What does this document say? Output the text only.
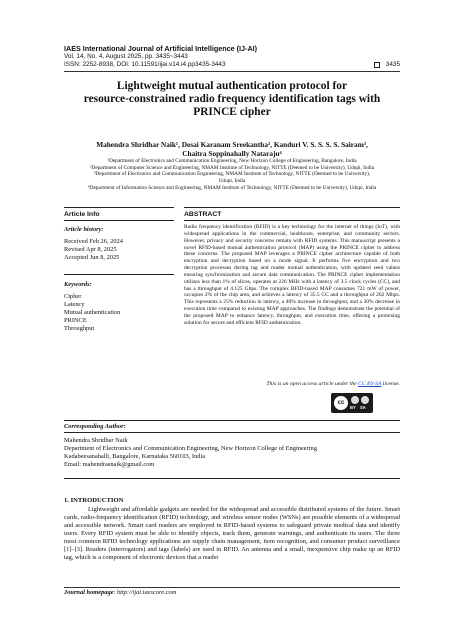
IAES International Journal of Artificial Intelligence (IJ-AI)
Vol. 14, No. 4, August 2025, pp. 3435~3443
ISSN: 2252-8938, DOI: 10.11591/ijai.v14.i4.pp3435-3443	3435
Lightweight mutual authentication protocol for
resource-constrained radio frequency identification tags with
PRINCE cipher
Mahendra Shridhar Naik¹, Desai Karanam Sreekantha², Kanduri V. S. S. S. S. Sairam³,
Chaitra Soppinahally Nataraju⁴
¹Department of Electronics and Communication Engineering, New Horizon College of Engineering, Bangalore, India
²Department of Computer Science and Engineering, NMAM Institute of Technology, NITTE (Deemed to be University), Udupi, India
³Department of Electronics and Communication Engineering, NMAM Institute of Technology, NITTE (Deemed to be University),
Udupi, India
⁴Department of Information Science and Engineering, NMAM Institute of Technology, NITTE (Deemed to be University), Udupi, India
Article Info	ABSTRACT
Article history:
Received Feb 26, 2024
Revised Apr 8, 2025
Accepted Jun 8, 2025
Keywords:
Cipher
Latency
Mutual authentication
PRINCE
Throughput
Radio frequency identification (RFID) is a key technology for the internet of things (IoT), with widespread applications in the commercial, healthcare, enterprise, and community sectors. However, privacy and security concerns remain with RFID systems. This manuscript presents a novel RFID-based mutual authentication protocol (MAP) using the PRINCE cipher to address these concerns. The proposed MAP leverages a PRINCE cipher architecture capable of both encryption and decryption based on a mode signal. It performs five encryption and two decryption processes during tag and reader mutual authentication, with updated seed values ensuring synchronization and secure data communication. The PRINCE cipher implementation utilizes less than 1% of slices, operates at 226 MHz with a latency of 3.5 clock cycles (CC), and has a throughput of 4.125 Gbps. The complex RFID-based MAP consumes 721 mW of power, occupies 2% of the chip area, and achieves a latency of 35.5 CC and a throughput of 262 Mbps. This represents a 25% reduction in latency, a 40% increase in throughput, and a 30% decrease in execution time compared to existing MAP approaches. The findings demonstrate the potential of the proposed MAP to enhance latency, throughput, and execution time, offering a promising solution for secure and efficient RFID authentication.
This is an open access article under the CC BY-SA license.
cc
BY SA
Corresponding Author:
Mahendra Shridhar Naik
Department of Electronics and Communication Engineering, New Horizon College of Engineering
Kadabeesanahalli, Bangalore, Karnataka 560103, India
Email: mahendrasnaik@gmail.com
1. INTRODUCTION
Lightweight and affordable gadgets are needed for the widespread and accessible distributed systems of the future. Smart cards, radio-frequency identification (RFID) technology, and wireless sensor nodes (WSNs) are possible elements of a widespread and accessible network. Smart card readers are employed in RFID-based systems to safeguard private medical data and identify users. Every RFID system must be able to identify objects, track them, generate warnings, and authenticate its users. The three most common RFID technology applications are supply chain management, item recognition, and consumer product surveillance [1]–[3]. Readers (interrogators) and tags (labels) are used in RFID. An antenna and a small, inexpensive chip make up an RFID tag, which is a component of electronic devices that a reader
Journal homepage: http://ijai.iaescore.com
